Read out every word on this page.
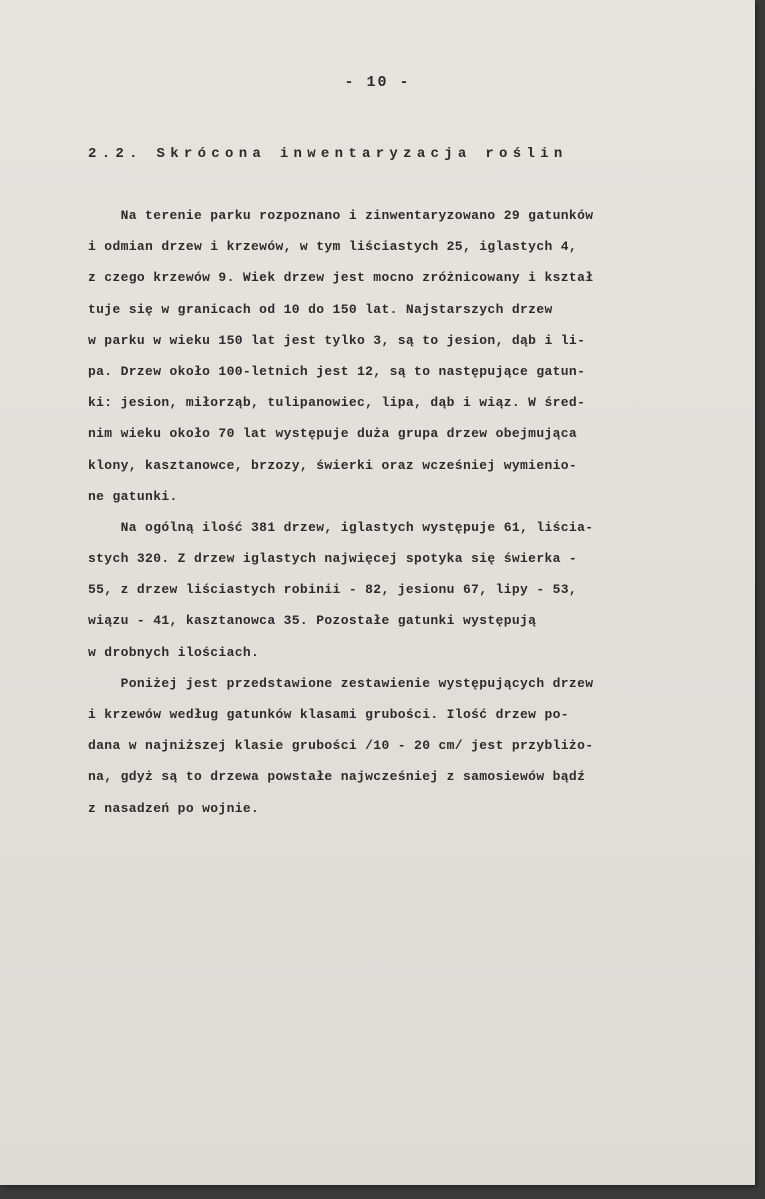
- 10 -
2.2. Skrócona inwentaryzacja roślin
Na terenie parku rozpoznano i zinwentaryzowano 29 gatunków
i odmian drzew i krzewów, w tym liściastych 25, iglastych 4,
z czego krzewów 9. Wiek drzew jest mocno zróżnicowany i kształ
tuje się w granicach od 10 do 150 lat. Najstarszych drzew
w parku w wieku 150 lat jest tylko 3, są to jesion, dąb i li-
pa. Drzew około 100-letnich jest 12, są to następujące gatun-
ki: jesion, miłorząb, tulipanowiec, lipa, dąb i wiąz. W śred-
nim wieku około 70 lat występuje duża grupa drzew obejmująca
klony, kasztanowce, brzozy, świerki oraz wcześniej wymienio-
ne gatunki.
Na ogólną ilość 381 drzew, iglastych występuje 61, liścia-
stych 320. Z drzew iglastych najwięcej spotyka się świerka -
55, z drzew liściastych robinii - 82, jesionu 67, lipy - 53,
wiązu - 41, kasztanowca 35. Pozostałe gatunki występują
w drobnych ilościach.
Poniżej jest przedstawione zestawienie występujących drzew
i krzewów według gatunków klasami grubości. Ilość drzew po-
dana w najniższej klasie grubości /10 - 20 cm/ jest przybliżo-
na, gdyż są to drzewa powstałe najwcześniej z samosiewów bądź
z nasadzeń po wojnie.
